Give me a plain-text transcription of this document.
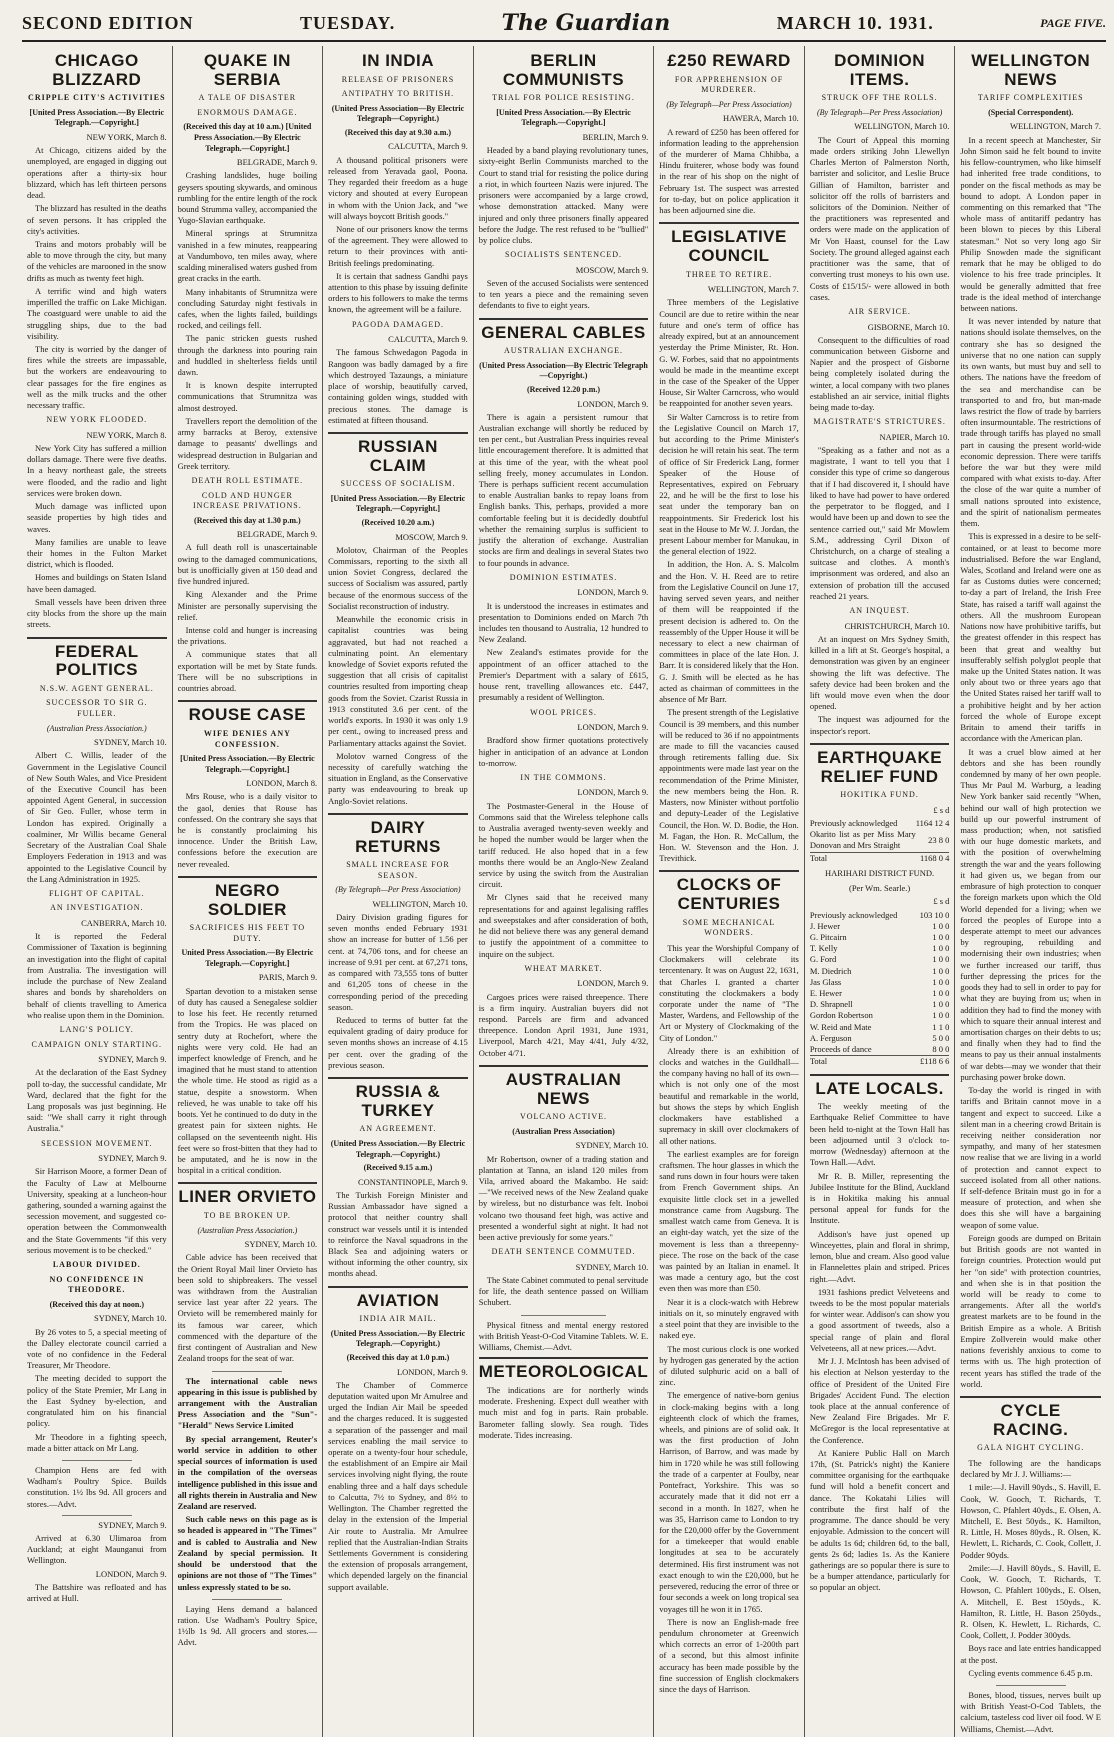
SECOND EDITION	TUESDAY.	The Guardian	MARCH 10. 1931.	PAGE FIVE.
CHICAGO BLIZZARD
CRIPPLE CITY'S ACTIVITIES
[United Press Association.—By Electric Telegraph.—Copyright.]
NEW YORK, March 8.

At Chicago, citizens aided by the unemployed, are engaged in digging out operations after a thirty-six hour blizzard, which has left thirteen persons dead.

The blizzard has resulted in the deaths of seven persons. It has crippled the city's activities.

Trains and motors probably will be able to move through the city, but many of the vehicles are marooned in the snow drifts as much as twenty feet high.

A terrific wind and high waters imperilled the traffic on Lake Michigan. The coastguard were unable to aid the struggling ships, due to the bad visibility.

The city is worried by the danger of fires while the streets are impassable, but the workers are endeavouring to clear passages for the fire engines as well as the milk trucks and the other necessary traffic.

NEW YORK FLOODED.
NEW YORK, March 8.

New York City has suffered a million dollars damage. There were five deaths. In a heavy northeast gale, the streets were flooded, and the radio and light services were broken down.

Much damage was inflicted upon seaside properties by high tides and waves.

Many families are unable to leave their homes in the Fulton Market district, which is flooded.

Homes and buildings on Staten Island have been damaged.

Small vessels have been driven three city blocks from the shore up the main streets.

FEDERAL POLITICS
N.S.W. AGENT GENERAL.
SUCCESSOR TO SIR G. FULLER.
(Australian Press Association.)
SYDNEY, March 10.

Albert C. Willis, leader of the Government in the Legislative Council of New South Wales, and Vice President of the Executive Council has been appointed Agent General, in succession of Sir Geo. Fuller, whose term in London has expired. Originally a coalminer, Mr Willis became General Secretary of the Australian Coal Shale Employers Federation in 1913 and was appointed to the Legislative Council by the Lang Administration in 1925.

FLIGHT OF CAPITAL.
AN INVESTIGATION.
CANBERRA, March 10.

It is reported the Federal Commissioner of Taxation is beginning an investigation into the flight of capital from Australia. The investigation will include the purchase of New Zealand shares and bonds by shareholders on behalf of clients travelling to America who realise upon them in the Dominion.

LANG'S POLICY.
CAMPAIGN ONLY STARTING.
SYDNEY, March 9.

At the declaration of the East Sydney poll to-day, the successful candidate, Mr Ward, declared that the fight for the Lang proposals was just beginning. He said: "We shall carry it right through Australia."

SECESSION MOVEMENT.
SYDNEY, March 9.

Sir Harrison Moore, a former Dean of the Faculty of Law at Melbourne University, speaking at a luncheon-hour gathering, sounded a warning against the secession movement, and suggested co-operation between the Commonwealth and the State Governments "if this very serious movement is to be checked."

LABOUR DIVIDED.
NO CONFIDENCE IN THEODORE.
(Received this day at noon.)
SYDNEY, March 10.

By 26 votes to 5, a special meeting of the Dalley electorate council carried a vote of no confidence in the Federal Treasurer, Mr Theodore.

The meeting decided to support the policy of the State Premier, Mr Lang in the East Sydney by-election, and congratulated him on his financial policy.

Mr Theodore in a fighting speech, made a bitter attack on Mr Lang.

Champion Hens are fed with Wadham's Poultry Spice. Builds constitution. 1½ lbs 9d. All grocers and stores.—Advt.

SYDNEY, March 9.

Arrived at 6.30 Ulimaroa from Auckland; at eight Maunganui from Wellington.

LONDON, March 9.

The Battshire was refloated and has arrived at Hull.

QUAKE IN SERBIA
A TALE OF DISASTER
ENORMOUS DAMAGE.
(Received this day at 10 a.m.) [United Press Association.—By Electric Telegraph.—Copyright.]
BELGRADE, March 9.

Crashing landslides, huge boiling geysers spouting skywards, and ominous rumbling for the entire length of the rock bound Strumma valley, accompanied the Yugo-Slavian earthquake.

Mineral springs at Strumnitza vanished in a few minutes, reappearing at Vandumbovo, ten miles away, where scalding mineralised waters gushed from great cracks in the earth.

Many inhabitants of Strumnitza were concluding Saturday night festivals in cafes, when the lights failed, buildings rocked, and ceilings fell.

The panic stricken guests rushed through the darkness into pouring rain and huddled in shelterless fields until dawn.

It is known despite interrupted communications that Strumnitza was almost destroyed.

Travellers report the demolition of the army barracks at Beroy, extensive damage to peasants' dwellings and widespread destruction in Bulgarian and Greek territory.

DEATH ROLL ESTIMATE.
COLD AND HUNGER INCREASE PRIVATIONS.
(Received this day at 1.30 p.m.)
BELGRADE, March 9.

A full death roll is unascertainable owing to the damaged communications, but is unofficially given at 150 dead and five hundred injured.

King Alexander and the Prime Minister are personally supervising the relief.

Intense cold and hunger is increasing the privations.

A communique states that all exportation will be met by State funds. There will be no subscriptions in countries abroad.

ROUSE CASE
WIFE DENIES ANY CONFESSION.
[United Press Association.—By Electric Telegraph.—Copyright.]
LONDON, March 8.

Mrs Rouse, who is a daily visitor to the gaol, denies that Rouse has confessed. On the contrary she says that he is constantly proclaiming his innocence. Under the British Law, confessions before the execution are never revealed.

NEGRO SOLDIER
SACRIFICES HIS FEET TO DUTY.
United Press Association.—By Electric Telegraph.—Copyright.]
PARIS, March 9.

Spartan devotion to a mistaken sense of duty has caused a Senegalese soldier to lose his feet. He recently returned from the Tropics. He was placed on sentry duty at Rochefort, where the nights were very cold. He had an imperfect knowledge of French, and he imagined that he must stand to attention the whole time. He stood as rigid as a statue, despite a snowstorm. When relieved, he was unable to take off his boots. Yet he continued to do duty in the greatest pain for sixteen nights. He collapsed on the seventeenth night. His feet were so frost-bitten that they had to be amputated, and he is now in the hospital in a critical condition.

LINER ORVIETO
TO BE BROKEN UP.
(Australian Press Association.)
SYDNEY, March 10.

Cable advice has been received that the Orient Royal Mail liner Orvieto has been sold to shipbreakers. The vessel was withdrawn from the Australian service last year after 22 years. The Orvieto will be remembered mainly for its famous war career, which commenced with the departure of the first contingent of Australian and New Zealand troops for the seat of war.

The international cable news appearing in this issue is published by arrangement with the Australian Press Association and the "Sun"-"Herald" News Service Limited

By special arrangement, Reuter's world service in addition to other special sources of information is used in the compilation of the overseas intelligence published in this issue and all rights therein in Australia and New Zealand are reserved.

Such cable news on this page as is so headed is appeared in "The Times" and is cabled to Australia and New Zealand by special permission. It should be understood that the opinions are not those of "The Times" unless expressly stated to be so.

Laying Hens demand a balanced ration. Use Wadham's Poultry Spice, 1½lb 1s 9d. All grocers and stores.—Advt.

IN INDIA
RELEASE OF PRISONERS
ANTIPATHY TO BRITISH.
(United Press Association—By Electric Telegraph—Copyright.)
(Received this day at 9.30 a.m.)
CALCUTTA, March 9.

A thousand political prisoners were released from Yeravada gaol, Poona. They regarded their freedom as a huge victory and shouted at every European in whom with the Union Jack, and "we will always boycott British goods."

None of our prisoners know the terms of the agreement. They were allowed to return to their provinces with anti-British feelings predominating.

It is certain that sadness Gandhi pays attention to this phase by issuing definite orders to his followers to make the terms known, the agreement will be a failure.

PAGODA DAMAGED.
CALCUTTA, March 9.

The famous Schwedagon Pagoda in Rangoon was badly damaged by a fire which destroyed Tazaungs, a miniature place of worship, beautifully carved, containing golden wings, studded with precious stones. The damage is estimated at fifteen thousand.

RUSSIAN CLAIM
SUCCESS OF SOCIALISM.
[United Press Association.—By Electric Telegraph.—Copyright.]
(Received 10.20 a.m.)
MOSCOW, March 9.

Molotov, Chairman of the Peoples Commissars, reporting to the sixth all union Soviet Congress, declared the success of Socialism was assured, partly because of the enormous success of the Socialist reconstruction of industry.

Meanwhile the economic crisis in capitalist countries was being aggravated, but had not reached a culminating point. An elementary knowledge of Soviet exports refuted the suggestion that all crisis of capitalist countries resulted from importing cheap goods from the Soviet. Czarist Russia in 1913 constituted 3.6 per cent. of the world's exports. In 1930 it was only 1.9 per cent., owing to increased press and Parliamentary attacks against the Soviet.

Molotov warned Congress of the necessity of carefully watching the situation in England, as the Conservative party was endeavouring to break up Anglo-Soviet relations.

DAIRY RETURNS
SMALL INCREASE FOR SEASON.
(By Telegraph—Per Press Association)
WELLINGTON, March 10.

Dairy Division grading figures for seven months ended February 1931 show an increase for butter of 1.56 per cent. at 74,706 tons, and for cheese an increase of 9.91 per cent. at 67,271 tons, as compared with 73,555 tons of butter and 61,205 tons of cheese in the corresponding period of the preceding season.

Reduced to terms of butter fat the equivalent grading of dairy produce for seven months shows an increase of 4.15 per cent. over the grading of the previous season.

RUSSIA & TURKEY
AN AGREEMENT.
(United Press Association.—By Electric Telegraph.—Copyright.)
(Received 9.15 a.m.)
CONSTANTINOPLE, March 9.

The Turkish Foreign Minister and Russian Ambassador have signed a protocol that neither country shall construct war vessels until it is intended to reinforce the Naval squadrons in the Black Sea and adjoining waters or without informing the other country, six months ahead.

AVIATION
INDIA AIR MAIL.
(United Press Association.—By Electric Telegraph.—Copyright.)
(Received this day at 1.0 p.m.)
LONDON, March 9.

The Chamber of Commerce deputation waited upon Mr Amulree and urged the Indian Air Mail be speeded and the charges reduced. It is suggested a separation of the passenger and mail services enabling the mail service to operate on a twenty-four hour schedule, the establishment of an Empire air Mail services involving night flying, the route enabling three and a half days schedule to Calcutta, 7½ to Sydney, and 8½ to Wellington. The Chamber regretted the delay in the extension of the Imperial Air route to Australia. Mr Amulree replied that the Australian-Indian Straits Settlements Government is considering the extension of proposals arrangement, which depended largely on the financial support available.

BERLIN COMMUNISTS
TRIAL FOR POLICE RESISTING.
[United Press Association.—By Electric Telegraph.—Copyright.]
BERLIN, March 9.

Headed by a band playing revolutionary tunes, sixty-eight Berlin Communists marched to the Court to stand trial for resisting the police during a riot, in which fourteen Nazis were injured. The prisoners were accompanied by a large crowd, whose demonstration attacked. Many were injured and only three prisoners finally appeared before the Judge. The rest refused to be "bullied" by police clubs.

SOCIALISTS SENTENCED.
MOSCOW, March 9.

Seven of the accused Socialists were sentenced to ten years a piece and the remaining seven defendants to five to eight years.

GENERAL CABLES
AUSTRALIAN EXCHANGE.
(United Press Association—By Electric Telegraph—Copyright.)
(Received 12.20 p.m.)
LONDON, March 9.

There is again a persistent rumour that Australian exchange will shortly be reduced by ten per cent., but Australian Press inquiries reveal little encouragement therefore. It is admitted that at this time of the year, with the wheat pool selling freely, money accumulates in London. There is perhaps sufficient recent accumulation to enable Australian banks to repay loans from English banks. This, perhaps, provided a more comfortable feeling but it is decidedly doubtful whether the remaining surplus is sufficient to justify the alteration of exchange. Australian stocks are firm and dealings in several States two to four pounds in advance.

DOMINION ESTIMATES.
LONDON, March 9.

It is understood the increases in estimates and presentation to Dominions ended on March 7th includes ten thousand to Australia, 12 hundred to New Zealand.

New Zealand's estimates provide for the appointment of an officer attached to the Premier's Department with a salary of £615, house rent, travelling allowances etc. £447, presumably a resident of Wellington.

WOOL PRICES.
LONDON, March 9.

Bradford show firmer quotations protectively higher in anticipation of an advance at London to-morrow.

IN THE COMMONS.
LONDON, March 9.

The Postmaster-General in the House of Commons said that the Wireless telephone calls to Australia averaged twenty-seven weekly and he hoped the number would be larger when the tariff reduced. He also hoped that in a few months there would be an Anglo-New Zealand service by using the switch from the Australian circuit.

Mr Clynes said that he received many representations for and against legalising raffles and sweepstakes and after consideration of both, he did not believe there was any general demand to justify the appointment of a committee to inquire on the subject.

WHEAT MARKET.
LONDON, March 9.

Cargoes prices were raised threepence. There is a firm inquiry. Australian buyers did not respond. Parcels are firm and advanced threepence. London April 1931, June 1931, Liverpool, March 4/21, May 4/41, July 4/32, October 4/71.

AUSTRALIAN NEWS
VOLCANO ACTIVE.
(Australian Press Association)
SYDNEY, March 10.

Mr Robertson, owner of a trading station and plantation at Tanna, an island 120 miles from Vila, arrived aboard the Makambo. He said:—"We received news of the New Zealand quake by wireless, but no disturbance was felt. Inoboi volcano two thousand feet high, was active and presented a wonderful sight at night. It had not been active previously for some years."

DEATH SENTENCE COMMUTED.
SYDNEY, March 10.

The State Cabinet commuted to penal servitude for life, the death sentence passed on William Schubert.

Physical fitness and mental energy restored with British Yeast-O-Cod Vitamine Tablets. W. E. Williams, Chemist.—Advt.

METEOROLOGICAL

The indications are for northerly winds moderate. Freshening. Expect dull weather with much mist and fog in parts. Rain probable. Barometer falling slowly. Sea rough. Tides moderate. Tides increasing.

£250 REWARD
FOR APPREHENSION OF MURDERER.
(By Telegraph—Per Press Association)
HAWERA, March 10.

A reward of £250 has been offered for information leading to the apprehension of the murderer of Mama Chhibba, a Hindu fruiterer, whose body was found in the rear of his shop on the night of February 1st. The suspect was arrested for to-day, but on police application it has been adjourned sine die.

LEGISLATIVE COUNCIL
THREE TO RETIRE.
WELLINGTON, March 7.

Three members of the Legislative Council are due to retire within the near future and one's term of office has already expired, but at an announcement yesterday the Prime Minister, Rt. Hon. G. W. Forbes, said that no appointments would be made in the meantime except in the case of the Speaker of the Upper House, Sir Walter Carncross, who would be reappointed for another seven years.

Sir Walter Carncross is to retire from the Legislative Council on March 17, but according to the Prime Minister's decision he will retain his seat. The term of office of Sir Frederick Lang, former Speaker of the House of Representatives, expired on February 22, and he will be the first to lose his seat under the temporary ban on reappointments. Sir Frederick lost his seat in the House to Mr W. J. Jordan, the present Labour member for Manukau, in the general election of 1922.

In addition, the Hon. A. S. Malcolm and the Hon. V. H. Reed are to retire from the Legislative Council on June 17, having served seven years, and neither of them will be reappointed if the present decision is adhered to. On the reassembly of the Upper House it will be necessary to elect a new chairman of committees in place of the late Hon. J. Barr. It is considered likely that the Hon. G. J. Smith will be elected as he has acted as chairman of committees in the absence of Mr Barr.

The present strength of the Legislative Council is 39 members, and this number will be reduced to 36 if no appointments are made to fill the vacancies caused through retirements falling due. Six appointments were made last year on the recommendation of the Prime Minister, the new members being the Hon. R. Masters, now Minister without portfolio and deputy-Leader of the Legislative Council, the Hon. W. D. Bodie, the Hon. M. Fagan, the Hon. R. McCallum, the Hon. W. Stevenson and the Hon. J. Trevithick.

CLOCKS OF CENTURIES
SOME MECHANICAL WONDERS.

This year the Worshipful Company of Clockmakers will celebrate its tercentenary. It was on August 22, 1631, that Charles I. granted a charter constituting the clockmakers a body corporate under the name of "The Master, Wardens, and Fellowship of the Art or Mystery of Clockmaking of the City of London."

Already there is an exhibition of clocks and watches in the Guildhall—the company having no hall of its own—which is not only one of the most beautiful and remarkable in the world, but shows the steps by which English clockmakers have established a supremacy in skill over clockmakers of all other nations.

The earliest examples are for foreign craftsmen. The hour glasses in which the sand runs down in four hours were taken from French Government ships. An exquisite little clock set in a jewelled monstrance came from Augsburg. The smallest watch came from Geneva. It is an eight-day watch, yet the size of the movement is less than a threepenny-piece. The rose on the back of the case was painted by an Italian in enamel. It was made a century ago, but the cost even then was more than £50.

Near it is a clock-watch with Hebrew initials on it, so minutely engraved with a steel point that they are invisible to the naked eye.

The most curious clock is one worked by hydrogen gas generated by the action of diluted sulphuric acid on a ball of zinc.

The emergence of native-born genius in clock-making begins with a long eighteenth clock of which the frames, wheels, and pinions are of solid oak. It was the first production of John Harrison, of Barrow, and was made by him in 1720 while he was still following the trade of a carpenter at Foulby, near Pontefract, Yorkshire. This was so accurately made that it did not err a second in a month. In 1827, when he was 35, Harrison came to London to try for the £20,000 offer by the Government for a timekeeper that would enable longitudes at sea to be accurately determined. His first instrument was not exact enough to win the £20,000, but he persevered, reducing the error of three or four seconds a week on long tropical sea voyages till he won it in 1765.

There is now an English-made free pendulum chronometer at Greenwich which corrects an error of 1-200th part of a second, but this almost infinite accuracy has been made possible by the fine succession of English clockmakers since the days of Harrison.

DOMINION ITEMS.
STRUCK OFF THE ROLLS.
(By Telegraph—Per Press Association)
WELLINGTON, March 10.

The Court of Appeal this morning made orders striking John Llewellyn Charles Merton of Palmerston North, barrister and solicitor, and Leslie Bruce Gillian of Hamilton, barrister and solicitor off the rolls of barristers and solicitors of the Dominion. Neither of the practitioners was represented and orders were made on the application of Mr Von Haast, counsel for the Law Society. The ground alleged against each practitioner was the same, that of converting trust moneys to his own use. Costs of £15/15/- were allowed in both cases.

AIR SERVICE.
GISBORNE, March 10.

Consequent to the difficulties of road communication between Gisborne and Napier and the prospect of Gisborne being completely isolated during the winter, a local company with two planes established an air service, initial flights being made to-day.

MAGISTRATE'S STRICTURES.
NAPIER, March 10.

"Speaking as a father and not as a magistrate, I want to tell you that I consider this type of crime so dangerous that if I had discovered it, I should have liked to have had power to have ordered the perpetrator to be flogged, and I would have been up and down to see the sentence carried out," said Mr Mowlem S.M., addressing Cyril Dixon of Christchurch, on a charge of stealing a suitcase and clothes. A month's imprisonment was ordered, and also an extension of probation till the accused reached 21 years.

AN INQUEST.
CHRISTCHURCH, March 10.

At an inquest on Mrs Sydney Smith, killed in a lift at St. George's hospital, a demonstration was given by an engineer showing the lift was defective. The safety device had been broken and the lift would move even when the door opened.

The inquest was adjourned for the inspector's report.

EARTHQUAKE RELIEF FUND
HOKITIKA FUND.
£ s d
Previously acknowledged	1164 12 4
Okarito list as per Miss Mary Donovan and Mrs Straight	23 8 0
Total	1168 0 4
HARIHARI DISTRICT FUND.
(Per Wm. Searle.)
£ s d
Previously acknowledged	103 10 0
J. Hewer	1 0 0
G. Pitcairn	1 0 0
T. Kelly	1 0 0
G. Ford	1 0 0
M. Diedrich	1 0 0
Jas Glass	1 0 0
E. Hewer	1 0 0
D. Shrapnell	1 0 0
Gordon Robertson	1 0 0
W. Reid and Mate	1 1 0
A. Ferguson	5 0 0
Proceeds of dance	8 0 0
Total	£118 6 6
LATE LOCALS.

The weekly meeting of the Earthquake Relief Committee to have been held to-night at the Town Hall has been adjourned until 3 o'clock to-morrow (Wednesday) afternoon at the Town Hall.—Advt.

Mr R. B. Miller, representing the Jubilee Institute for the Blind, Auckland is in Hokitika making his annual personal appeal for funds for the Institute.

Addison's have just opened up Winceyettes, plain and floral in shrimp, lemon, blue and cream. Also good value in Flannelettes plain and striped. Prices right.—Advt.

1931 fashions predict Velveteens and tweeds to be the most popular materials for winter wear. Addison's can show you a good assortment of tweeds, also a special range of plain and floral Velveteens, all at new prices.—Advt.

Mr J. J. McIntosh has been advised of his election at Nelson yesterday to the office of President of the United Fire Brigades' Accident Fund. The election took place at the annual conference of New Zealand Fire Brigades. Mr F. McGregor is the local representative at the Conference.

At Kaniere Public Hall on March 17th, (St. Patrick's night) the Kaniere committee organising for the earthquake fund will hold a benefit concert and dance. The Kokatahi Lilies will contribute the first half of the programme. The dance should be very enjoyable. Admission to the concert will be adults 1s 6d; children 6d, to the ball, gents 2s 6d; ladies 1s. As the Kaniere gatherings are so popular there is sure to be a bumper attendance, particularly for so popular an object.

WELLINGTON NEWS
TARIFF COMPLEXITIES
(Special Correspondent).
WELLINGTON, March 7.

In a recent speech at Manchester, Sir John Simon said he felt bound to invite his fellow-countrymen, who like himself had inherited free trade conditions, to ponder on the fiscal methods as may be bound to adopt. A London paper in commenting on this remarked that "The whole mass of antitariff pedantry has been blown to pieces by this Liberal statesman." Not so very long ago Sir Philip Snowden made the significant remark that he may be obliged to do violence to his free trade principles. It would be generally admitted that free trade is the ideal method of interchange between nations.

It was never intended by nature that nations should isolate themselves, on the contrary she has so designed the universe that no one nation can supply its own wants, but must buy and sell to others. The nations have the freedom of the sea and merchandise can be transported to and fro, but man-made laws restrict the flow of trade by barriers often insurmountable. The restrictions of trade through tariffs has played no small part in causing the present world-wide economic depression. There were tariffs before the war but they were mild compared with what exists to-day. After the close of the war quite a number of small nations sprouted into existence, and the spirit of nationalism permeates them.

This is expressed in a desire to be self-contained, or at least to become more industrialised. Before the war England, Wales, Scotland and Ireland were one as far as Customs duties were concerned; to-day a part of Ireland, the Irish Free State, has raised a tariff wall against the others. All the mushroom European Nations now have prohibitive tariffs, but the greatest offender in this respect has been that great and wealthy but insufferably selfish polyglot people that make up the United States nation. It was only about two or three years ago that the United States raised her tariff wall to a prohibitive height and by her action forced the whole of Europe except Britain to amend their tariffs in accordance with the American plan.

It was a cruel blow aimed at her debtors and she has been roundly condemned by many of her own people. Thus Mr Paul M. Warburg, a leading New York banker said recently "When, behind our wall of high protection we build up our powerful instrument of mass production; when, not satisfied with our huge domestic markets, and with the position of overwhelming strength the war and the years following it had given us, we began from our embrasure of high protection to conquer the foreign markets upon which the Old World depended for a living; when we forced the peoples of Europe into a desperate attempt to meet our advances by regrouping, rebuilding and modernising their own industries; when we further increased our tariff, thus further depressing the prices for the goods they had to sell in order to pay for what they are buying from us; when in addition they had to find the money with which to square their annual interest and amortisation charges on their debts to us; and finally when they had to find the means to pay us their annual instalments of war debts—may we wonder that their purchasing power broke down.

To-day the world is ringed in with tariffs and Britain cannot move in a tangent and expect to succeed. Like a silent man in a cheering crowd Britain is receiving neither consideration nor sympathy, and many of her statesmen now realise that we are living in a world of protection and cannot expect to succeed isolated from all other nations. If self-defence Britain must go in for a measure of protection, and when she does this she will have a bargaining weapon of some value.

Foreign goods are dumped on Britain but British goods are not wanted in foreign countries. Protection would put her "on side" with protection countries, and when she is in that position the world will be ready to come to arrangements. After all the world's greatest markets are to be found in the British Empire as a whole. A British Empire Zollverein would make other nations feverishly anxious to come to terms with us. The high protection of recent years has stifled the trade of the world.

CYCLE RACING.
GALA NIGHT CYCLING.

The following are the handicaps declared by Mr J. J. Williams:—

1 mile:—J. Havill 90yds., S. Havill, E. Cook, W. Gooch, T. Richards, T. Howson, C. Pfahlert 40yds., E. Olsen, A. Mitchell, E. Best 50yds., K. Hamilton, R. Little, H. Moses 80yds., R. Olsen, K. Hewlett, L. Richards, C. Cook, Collett, J. Podder 90yds.

2mile:—J. Havill 80yds., S. Havill, E. Cook, W. Gooch, T. Richards, T. Howson, C. Pfahlert 100yds., E. Olsen, A. Mitchell, E. Best 150yds., K. Hamilton, R. Little, H. Bason 250yds., R. Olsen, K. Hewlett, L. Richards, C. Cook, Collett, J. Podder 300yds.

Boys race and late entries handicapped at the post.

Cycling events commence 6.45 p.m.

Bones, blood, tissues, nerves built up with British Yeast-O-Cod Tablets, the calcium, tasteless cod liver oil food. W E Williams, Chemist.—Advt.
